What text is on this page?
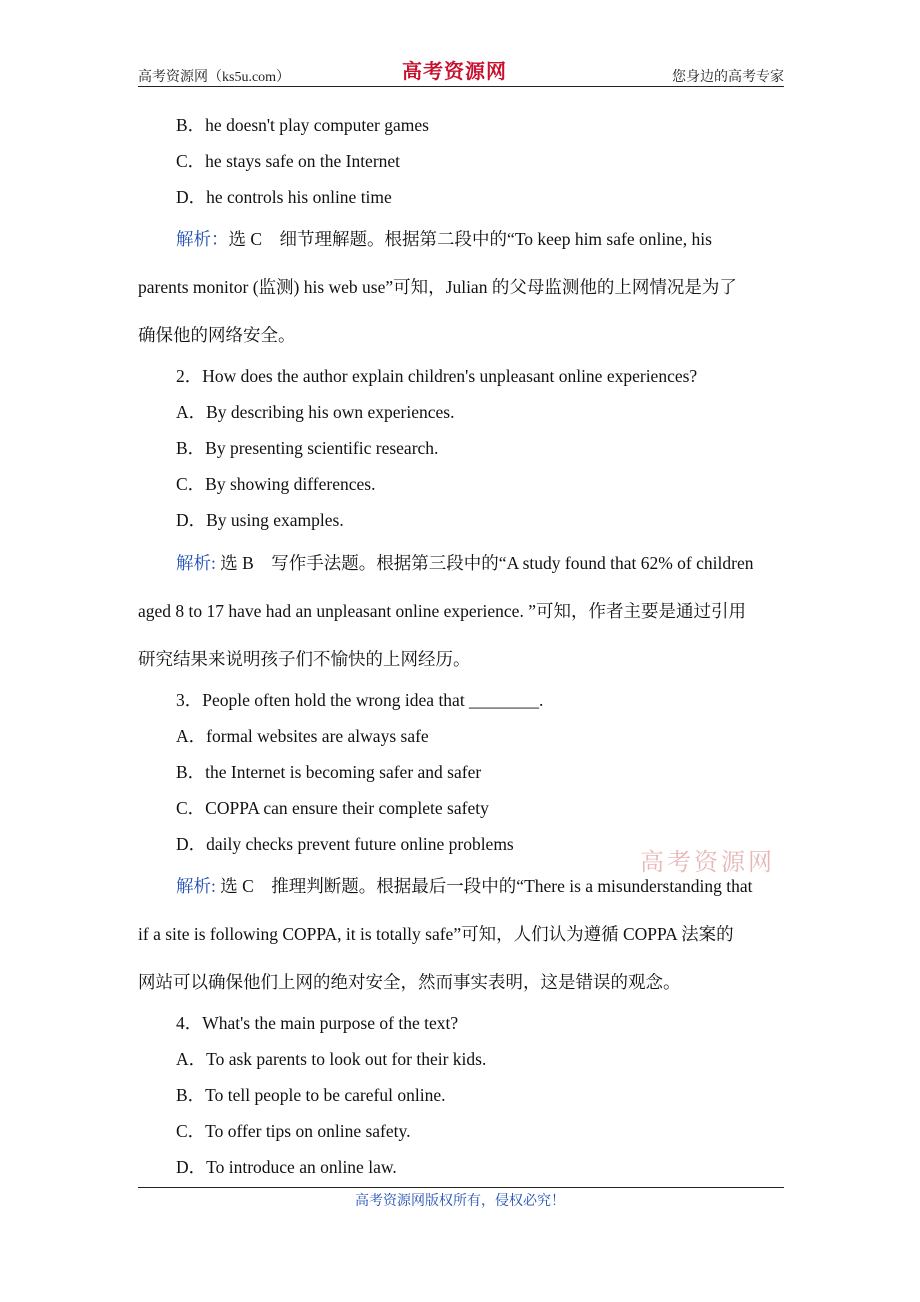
高考资源网（ks5u.com）	高考资源网	您身边的高考专家
B．he doesn't play computer games
C．he stays safe on the Internet
D．he controls his online time
解析：选 C　细节理解题。根据第二段中的“To keep him safe online, his
parents monitor (监测) his web use”可知，Julian 的父母监测他的上网情况是为了
确保他的网络安全。
2．How does the author explain children's unpleasant online experiences?
A．By describing his own experiences.
B．By presenting scientific research.
C．By showing differences.
D．By using examples.
解析: 选 B　写作手法题。根据第三段中的“A study found that 62% of children
aged 8 to 17 have had an unpleasant online experience. ”可知，作者主要是通过引用
研究结果来说明孩子们不愉快的上网经历。
3．People often hold the wrong idea that ________.
A．formal websites are always safe
B．the Internet is becoming safer and safer
C．COPPA can ensure their complete safety
D．daily checks prevent future online problems
高考资源网
解析: 选 C　推理判断题。根据最后一段中的“There is a misunderstanding that
if a site is following COPPA, it is totally safe”可知，人们认为遵循 COPPA 法案的
网站可以确保他们上网的绝对安全，然而事实表明，这是错误的观念。
4．What's the main purpose of the text?
A．To ask parents to look out for their kids.
B．To tell people to be careful online.
C．To offer tips on online safety.
D．To introduce an online law.
高考资源网版权所有，侵权必究！
